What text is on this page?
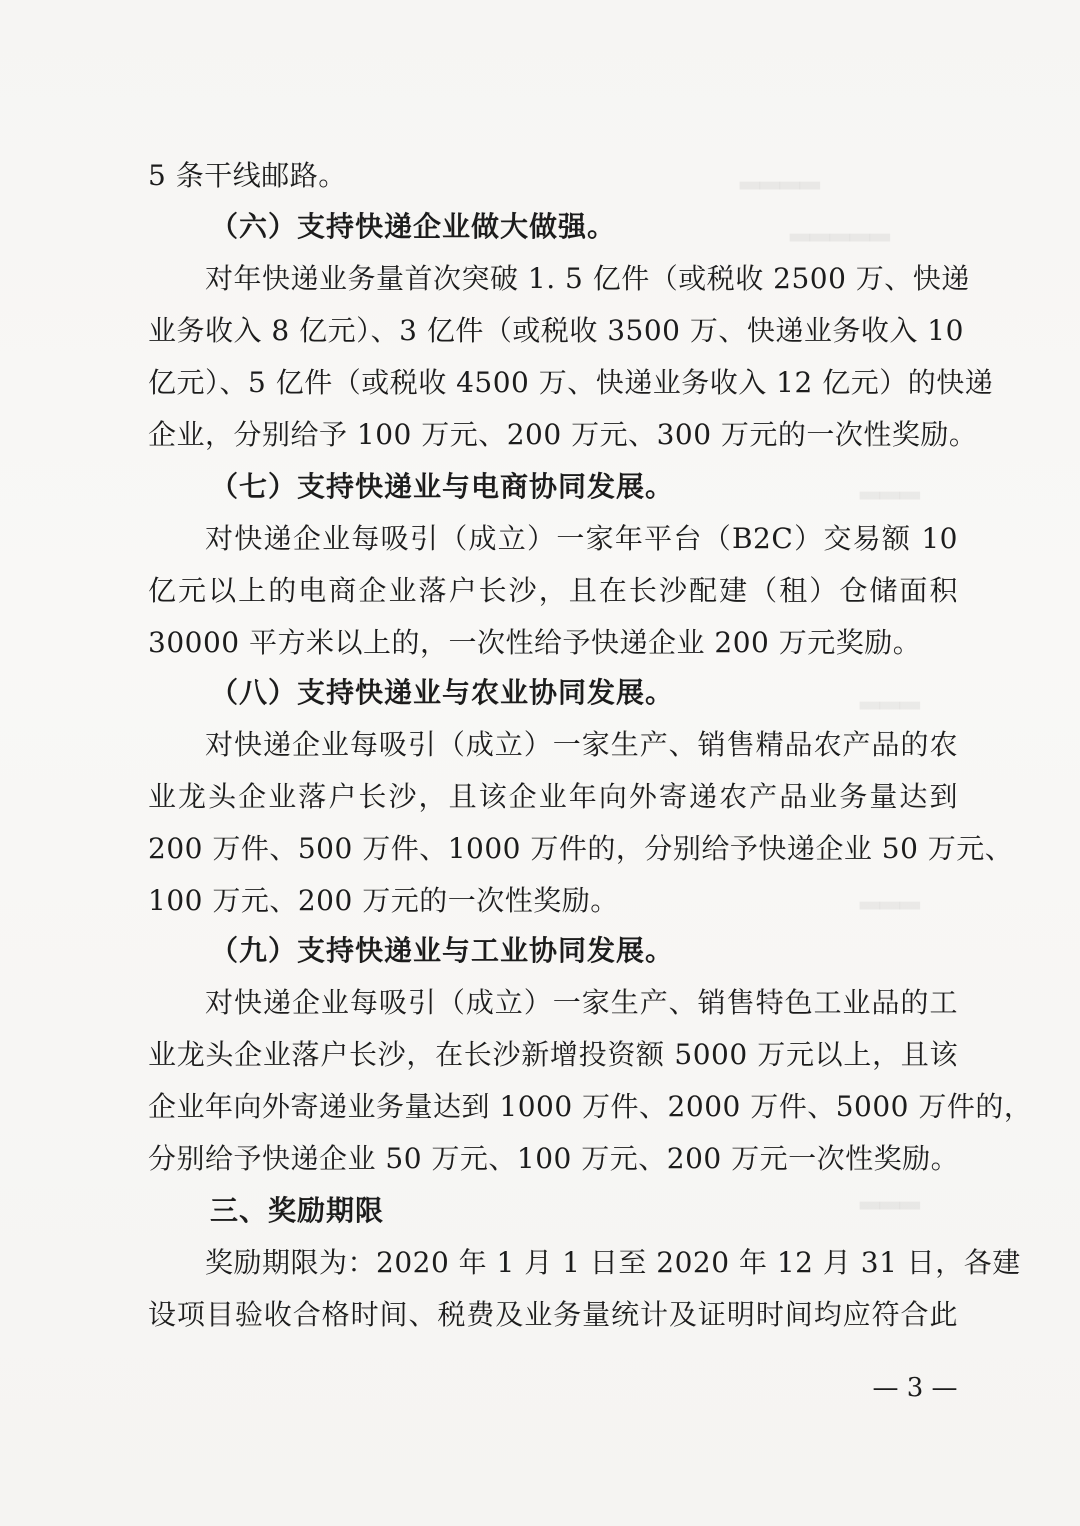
▂▂▂▂
▂▂▂▂▂
▂▂▂
▂▂▂
▂▂▂
▂▂▂
5 条干线邮路。
（六）支持快递企业做大做强。
对年快递业务量首次突破 1. 5 亿件（或税收 2500 万、快递
业务收入 8 亿元）、3 亿件（或税收 3500 万、快递业务收入 10
亿元）、5 亿件（或税收 4500 万、快递业务收入 12 亿元）的快递
企业，分别给予 100 万元、200 万元、300 万元的一次性奖励。
（七）支持快递业与电商协同发展。
对快递企业每吸引（成立）一家年平台（B2C）交易额 10
亿元以上的电商企业落户长沙，且在长沙配建（租）仓储面积
30000 平方米以上的，一次性给予快递企业 200 万元奖励。
（八）支持快递业与农业协同发展。
对快递企业每吸引（成立）一家生产、销售精品农产品的农
业龙头企业落户长沙，且该企业年向外寄递农产品业务量达到
200 万件、500 万件、1000 万件的，分别给予快递企业 50 万元、
100 万元、200 万元的一次性奖励。
（九）支持快递业与工业协同发展。
对快递企业每吸引（成立）一家生产、销售特色工业品的工
业龙头企业落户长沙，在长沙新增投资额 5000 万元以上，且该
企业年向外寄递业务量达到 1000 万件、2000 万件、5000 万件的，
分别给予快递企业 50 万元、100 万元、200 万元一次性奖励。
三、奖励期限
奖励期限为：2020 年 1 月 1 日至 2020 年 12 月 31 日，各建
设项目验收合格时间、税费及业务量统计及证明时间均应符合此
— 3 —
